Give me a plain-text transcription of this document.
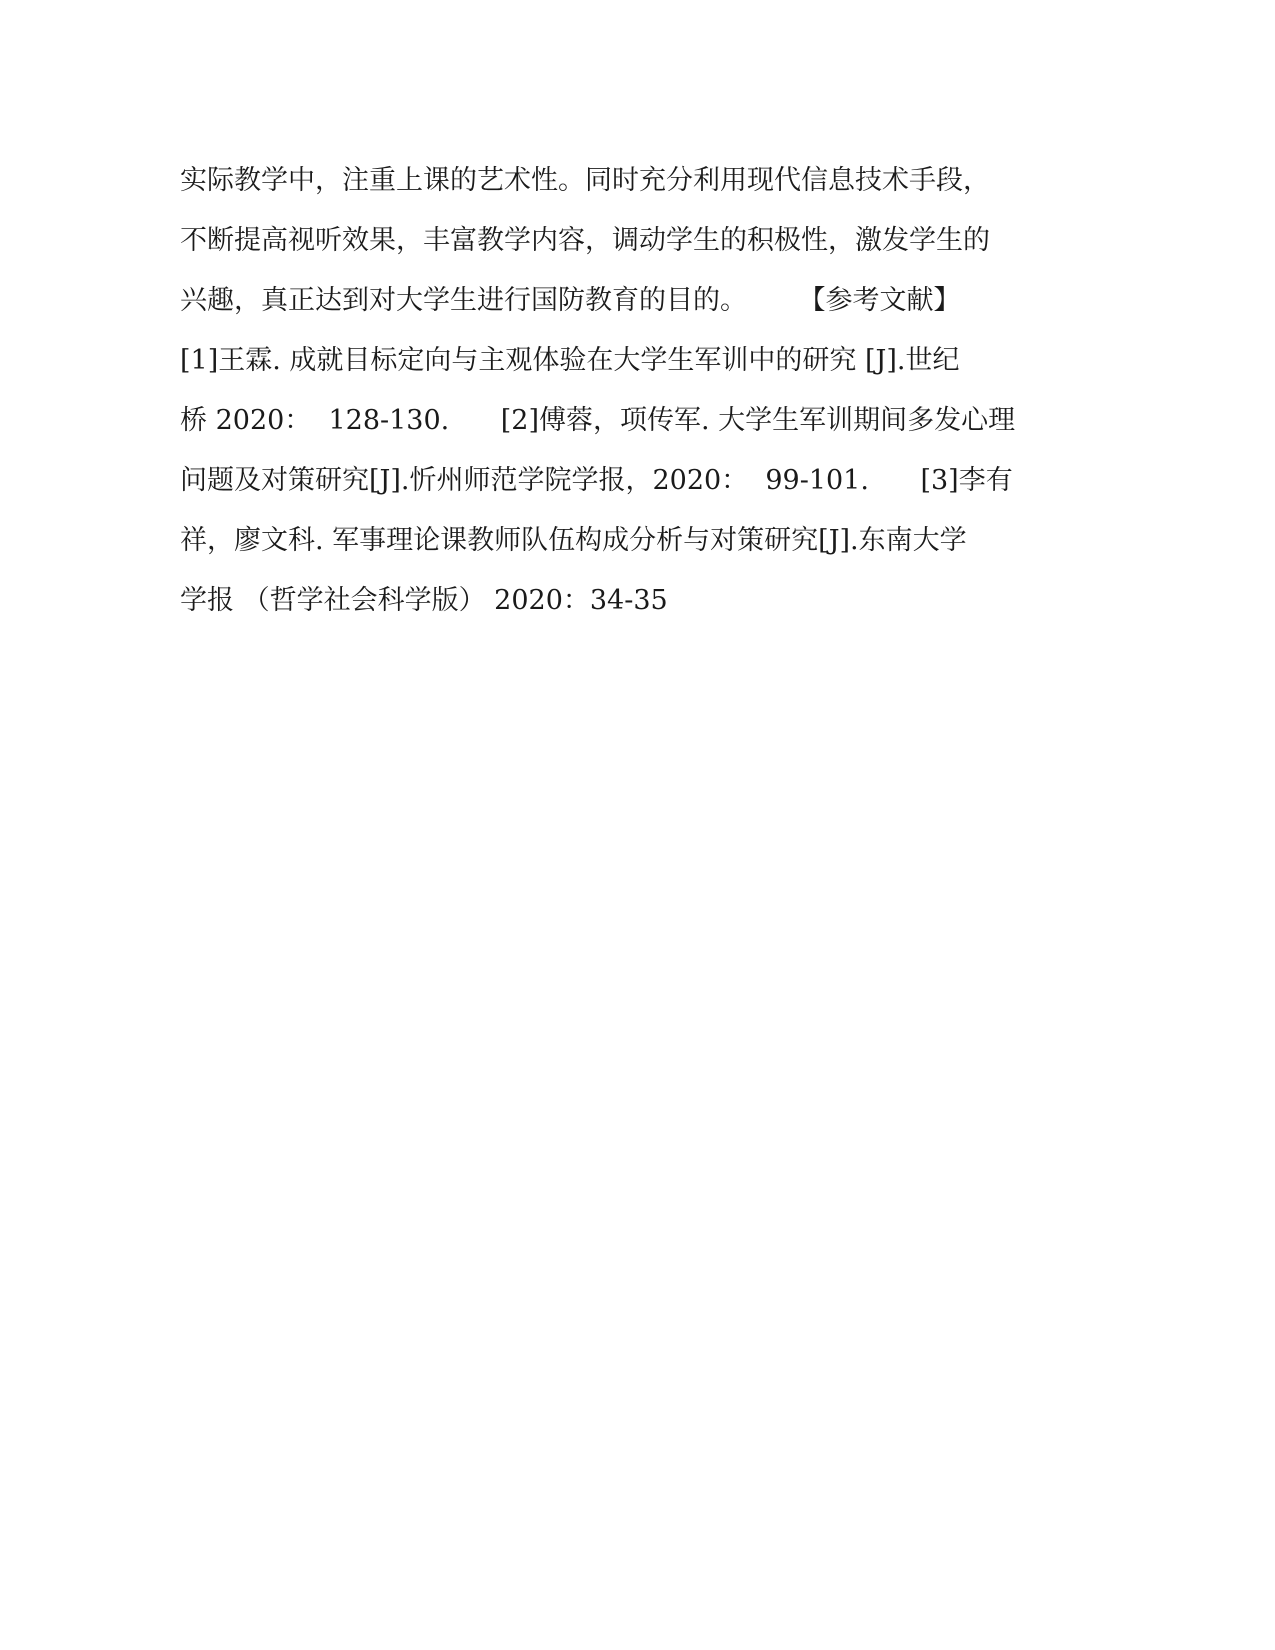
实际教学中，注重上课的艺术性。同时充分利用现代信息技术手段，
不断提高视听效果，丰富教学内容，调动学生的积极性，激发学生的
兴趣，真正达到对大学生进行国防教育的目的。      【参考文献】
[1]王霖. 成就目标定向与主观体验在大学生军训中的研究 [J].世纪
桥 2020：  128-130.      [2]傅蓉，项传军. 大学生军训期间多发心理
问题及对策研究[J].忻州师范学院学报，2020：  99-101.      [3]李有
祥，廖文科. 军事理论课教师队伍构成分析与对策研究[J].东南大学
学报 （哲学社会科学版） 2020：34-35
